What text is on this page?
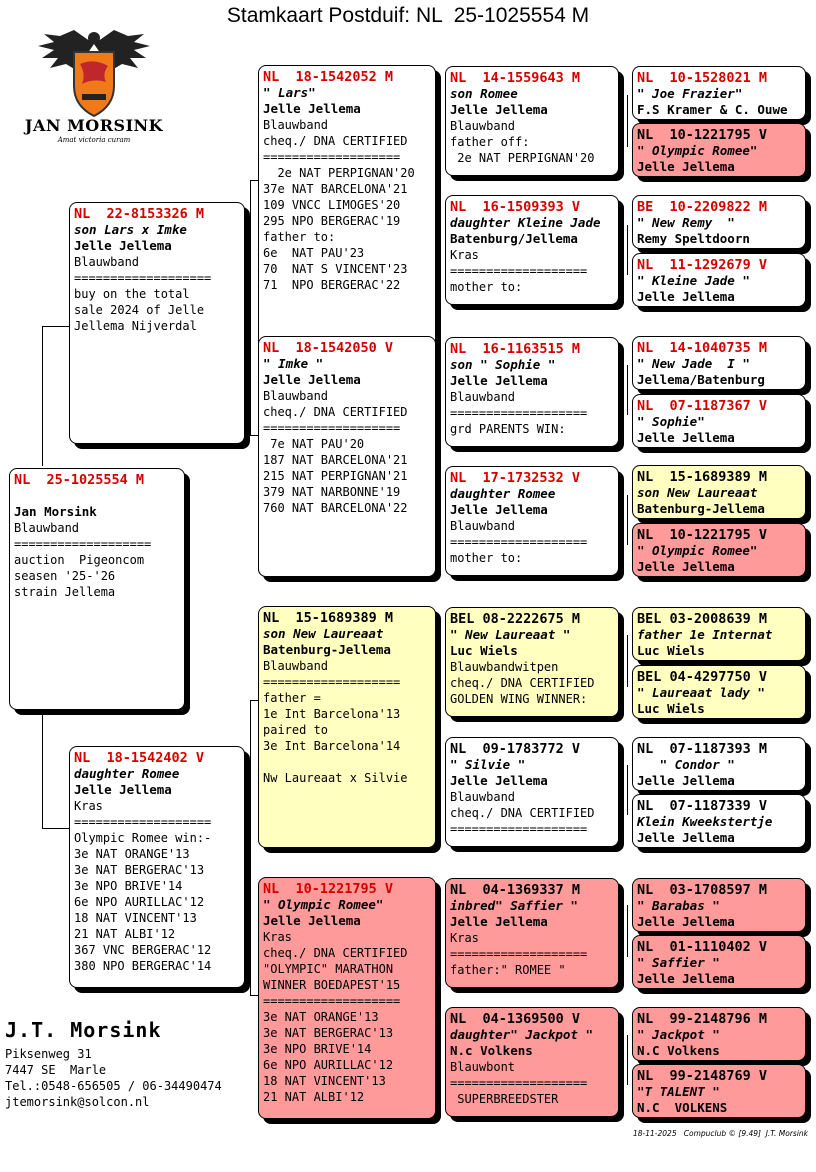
Stamkaart Postduif: NL  25-1025554 M
JAN MORSINK
Amat victoria curam
NL  25-1025554 M
Jan Morsink
Blauwband
===================
auction  Pigeoncom
seasen '25-'26
strain Jellema
NL  22-8153326 M
son Lars x Imke
Jelle Jellema
Blauwband
===================
buy on the total
sale 2024 of Jelle
Jellema Nijverdal
NL  18-1542402 V
daughter Romee
Jelle Jellema
Kras
===================
Olympic Romee win:-
3e NAT ORANGE'13
3e NAT BERGERAC'13
3e NPO BRIVE'14
6e NPO AURILLAC'12
18 NAT VINCENT'13
21 NAT ALBI'12
367 VNC BERGERAC'12
380 NPO BERGERAC'14
NL  18-1542052 M
" Lars"
Jelle Jellema
Blauwband
cheq./ DNA CERTIFIED
===================
2e NAT PERPIGNAN'20
37e NAT BARCELONA'21
109 VNCC LIMOGES'20
295 NPO BERGERAC'19
father to:
6e  NAT PAU'23
70  NAT S VINCENT'23
71  NPO BERGERAC'22
NL  18-1542050 V
" Imke "
Jelle Jellema
Blauwband
cheq./ DNA CERTIFIED
===================
7e NAT PAU'20
187 NAT BARCELONA'21
215 NAT PERPIGNAN'21
379 NAT NARBONNE'19
760 NAT BARCELONA'22
NL  15-1689389 M
son New Laureaat
Batenburg-Jellema
Blauwband
===================
father =
1e Int Barcelona'13
paired to
3e Int Barcelona'14
Nw Laureaat x Silvie
NL  10-1221795 V
" Olympic Romee"
Jelle Jellema
Kras
cheq./ DNA CERTIFIED
"OLYMPIC" MARATHON
WINNER BOEDAPEST'15
===================
3e NAT ORANGE'13
3e NAT BERGERAC'13
3e NPO BRIVE'14
6e NPO AURILLAC'12
18 NAT VINCENT'13
21 NAT ALBI'12
NL  14-1559643 M
son Romee
Jelle Jellema
Blauwband
father off:
2e NAT PERPIGNAN'20
NL  16-1509393 V
daughter Kleine Jade
Batenburg/Jellema
Kras
===================
mother to:
NL  16-1163515 M
son " Sophie "
Jelle Jellema
Blauwband
===================
grd PARENTS WIN:
NL  17-1732532 V
daughter Romee
Jelle Jellema
Blauwband
===================
mother to:
BEL 08-2222675 M
" New Laureaat "
Luc Wiels
Blauwbandwitpen
cheq./ DNA CERTIFIED
GOLDEN WING WINNER:
NL  09-1783772 V
" Silvie "
Jelle Jellema
Blauwband
cheq./ DNA CERTIFIED
===================
NL  04-1369337 M
inbred" Saffier "
Jelle Jellema
Kras
===================
father:" ROMEE "
NL  04-1369500 V
daughter" Jackpot "
N.c Volkens
Blauwbont
===================
SUPERBREEDSTER
NL  10-1528021 M
" Joe Frazier"
F.S Kramer & C. Ouwe
NL  10-1221795 V
" Olympic Romee"
Jelle Jellema
BE  10-2209822 M
" New Remy  "
Remy Speltdoorn
NL  11-1292679 V
" Kleine Jade "
Jelle Jellema
NL  14-1040735 M
" New Jade  I "
Jellema/Batenburg
NL  07-1187367 V
" Sophie"
Jelle Jellema
NL  15-1689389 M
son New Laureaat
Batenburg-Jellema
NL  10-1221795 V
" Olympic Romee"
Jelle Jellema
BEL 03-2008639 M
father 1e Internat
Luc Wiels
BEL 04-4297750 V
" Laureaat lady "
Luc Wiels
NL  07-1187393 M
" Condor "
Jelle Jellema
NL  07-1187339 V
Klein Kweekstertje
Jelle Jellema
NL  03-1708597 M
" Barabas "
Jelle Jellema
NL  01-1110402 V
" Saffier "
Jelle Jellema
NL  99-2148796 M
" Jackpot "
N.C Volkens
NL  99-2148769 V
"T TALENT "
N.C  VOLKENS
J.T. Morsink
Piksenweg 31
7447 SE  Marle
Tel.:0548-656505 / 06-34490474
jtemorsink@solcon.nl
18-11-2025   Compuclub © [9.49]  J.T. Morsink
